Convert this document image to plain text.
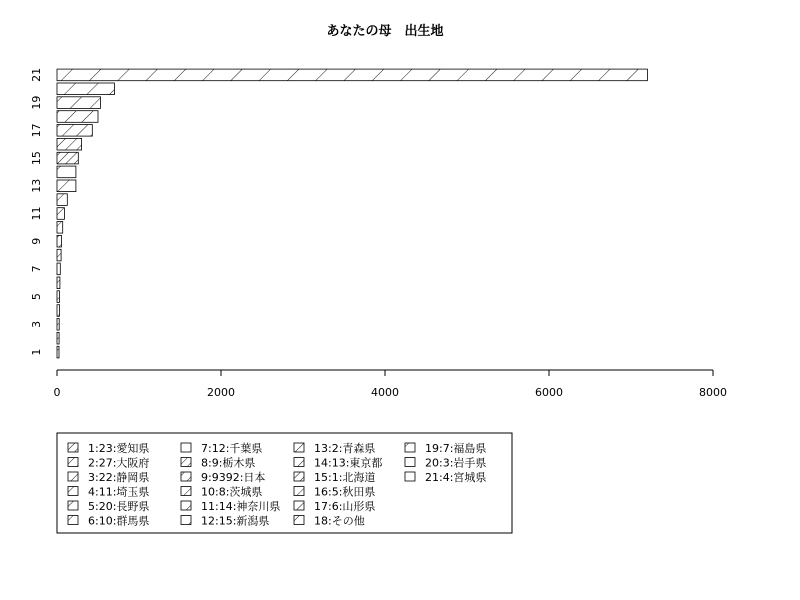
あなたの母　出生地
1
3
5
7
9
11
13
15
17
19
21
0	2000	4000	6000	8000
1:23:愛知県
2:27:大阪府
3:22:静岡県
4:11:埼玉県
5:20:長野県
6:10:群馬県
7:12:千葉県
8:9:栃木県
9:9392:日本
10:8:茨城県
11:14:神奈川県
12:15:新潟県
13:2:青森県
14:13:東京都
15:1:北海道
16:5:秋田県
17:6:山形県
18:その他
19:7:福島県
20:3:岩手県
21:4:宮城県
